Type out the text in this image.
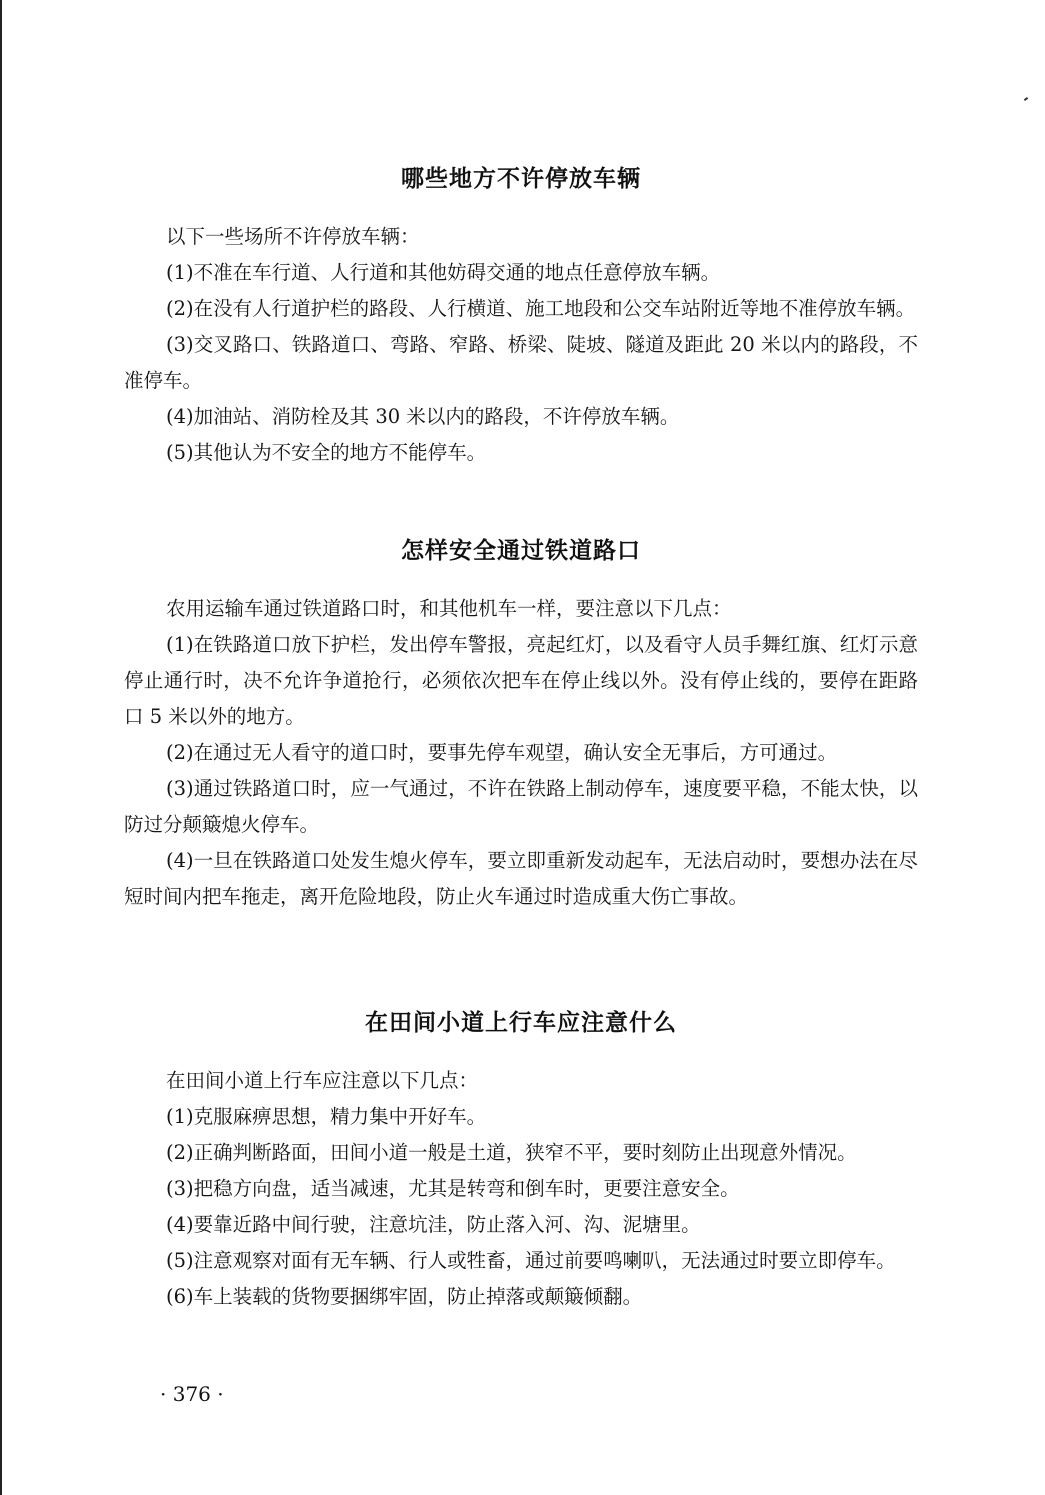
哪些地方不许停放车辆

以下一些场所不许停放车辆：

(1)不准在车行道、人行道和其他妨碍交通的地点任意停放车辆。

(2)在没有人行道护栏的路段、人行横道、施工地段和公交车站附近等地不准停放车辆。

(3)交叉路口、铁路道口、弯路、窄路、桥梁、陡坡、隧道及距此 20 米以内的路段，不准停车。

(4)加油站、消防栓及其 30 米以内的路段，不许停放车辆。

(5)其他认为不安全的地方不能停车。

怎样安全通过铁道路口

农用运输车通过铁道路口时，和其他机车一样，要注意以下几点：

(1)在铁路道口放下护栏，发出停车警报，亮起红灯，以及看守人员手舞红旗、红灯示意停止通行时，决不允许争道抢行，必须依次把车在停止线以外。没有停止线的，要停在距路口 5 米以外的地方。

(2)在通过无人看守的道口时，要事先停车观望，确认安全无事后，方可通过。

(3)通过铁路道口时，应一气通过，不许在铁路上制动停车，速度要平稳，不能太快，以防过分颠簸熄火停车。

(4)一旦在铁路道口处发生熄火停车，要立即重新发动起车，无法启动时，要想办法在尽短时间内把车拖走，离开危险地段，防止火车通过时造成重大伤亡事故。

在田间小道上行车应注意什么

在田间小道上行车应注意以下几点：

(1)克服麻痹思想，精力集中开好车。

(2)正确判断路面，田间小道一般是土道，狭窄不平，要时刻防止出现意外情况。

(3)把稳方向盘，适当减速，尤其是转弯和倒车时，更要注意安全。

(4)要靠近路中间行驶，注意坑洼，防止落入河、沟、泥塘里。

(5)注意观察对面有无车辆、行人或牲畜，通过前要鸣喇叭，无法通过时要立即停车。

(6)车上装载的货物要捆绑牢固，防止掉落或颠簸倾翻。

· 376 ·
